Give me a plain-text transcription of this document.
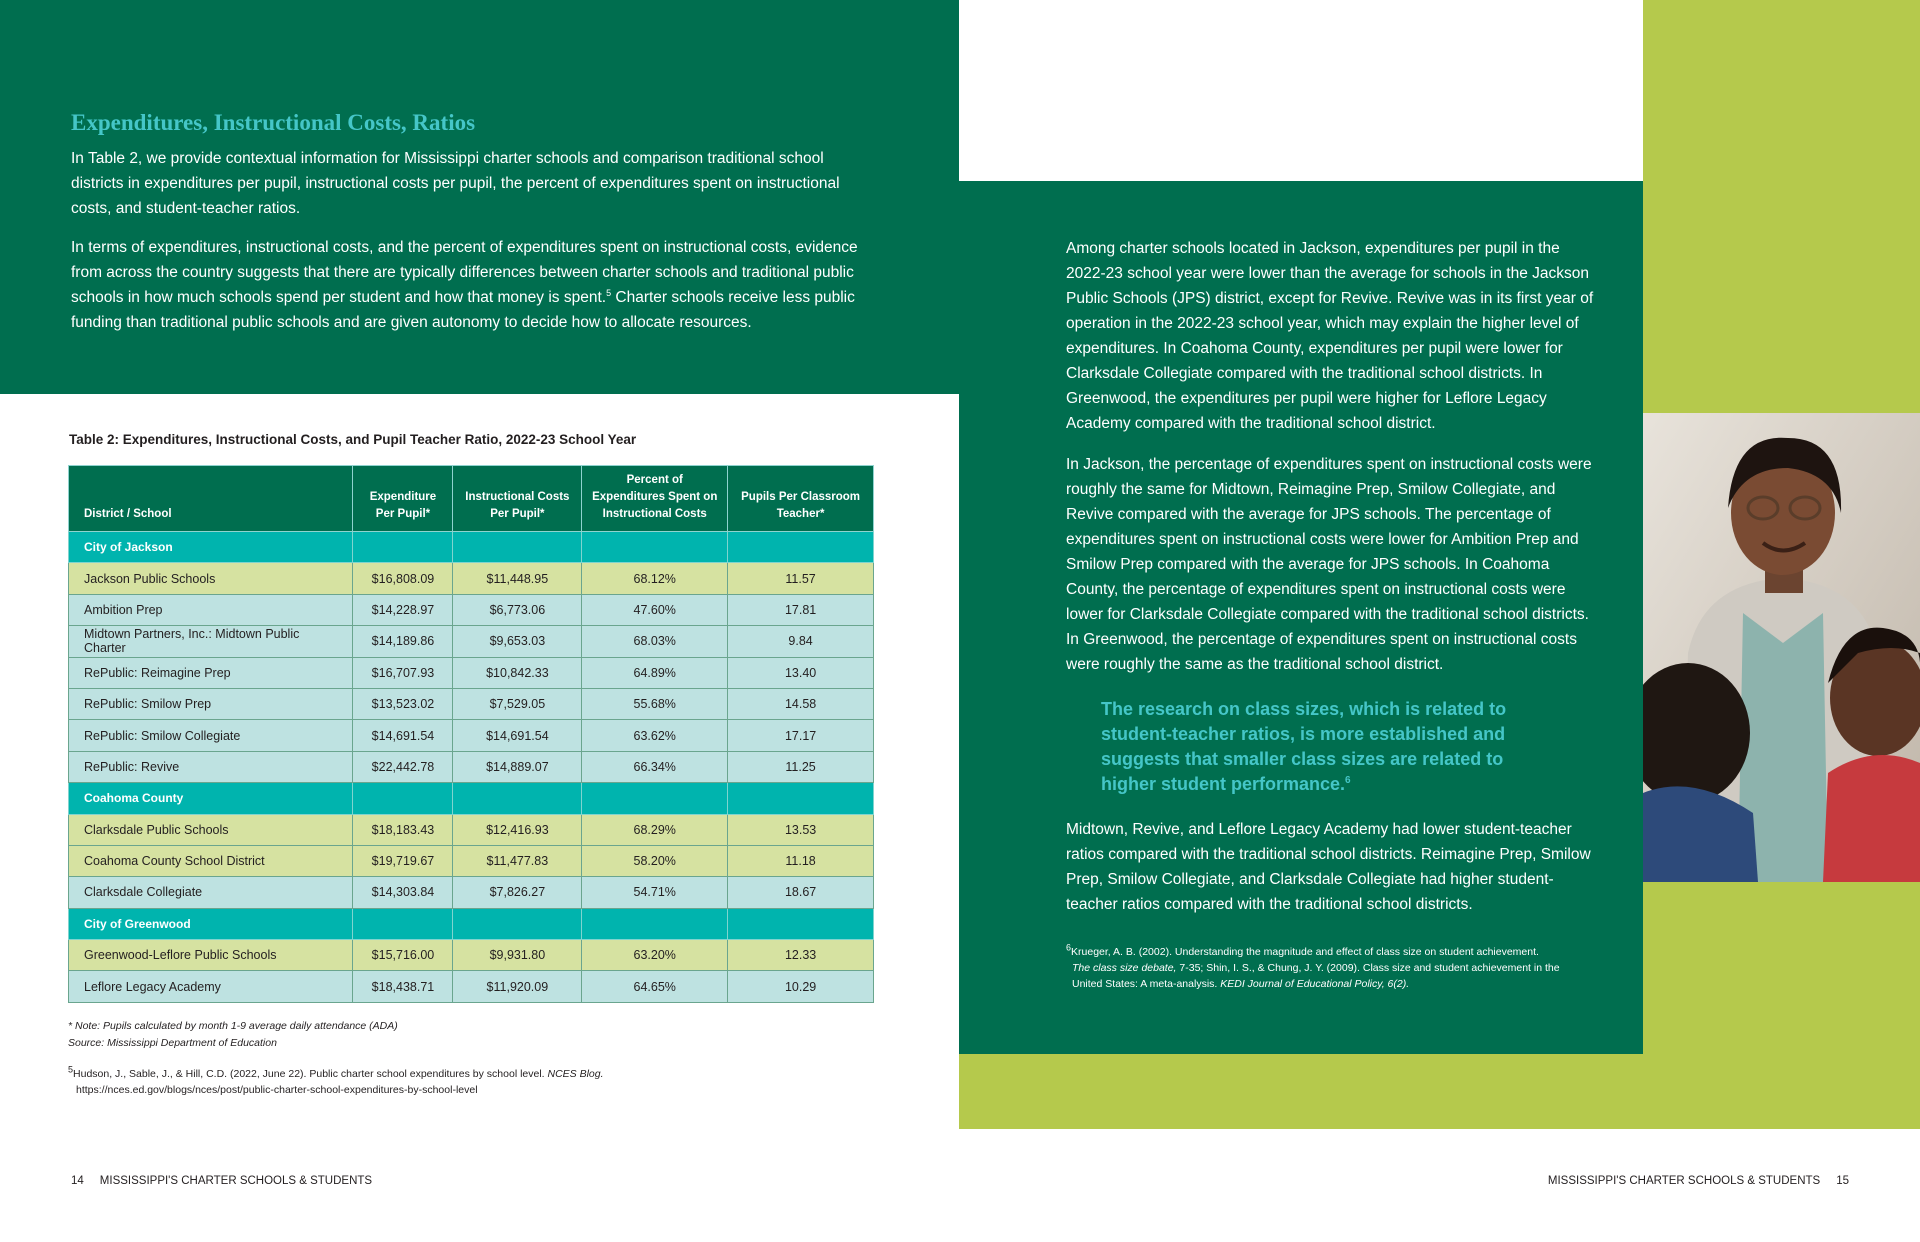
Expenditures, Instructional Costs, Ratios

In Table 2, we provide contextual information for Mississippi charter schools and comparison traditional school districts in expenditures per pupil, instructional costs per pupil, the percent of expenditures spent on instructional costs, and student-teacher ratios.

In terms of expenditures, instructional costs, and the percent of expenditures spent on instructional costs, evidence from across the country suggests that there are typically differences between charter schools and traditional public schools in how much schools spend per student and how that money is spent.$^5$ Charter schools receive less public funding than traditional public schools and are given autonomy to decide how to allocate resources.

Table 2: Expenditures, Instructional Costs, and Pupil Teacher Ratio, 2022-23 School Year
District / School	Expenditure Per Pupil*	Instructional Costs Per Pupil*	Percent of Expenditures Spent on Instructional Costs	Pupils Per Classroom Teacher*
City of Jackson				
Jackson Public Schools	$16,808.09	$11,448.95	68.12%	11.57
Ambition Prep	$14,228.97	$6,773.06	47.60%	17.81
Midtown Partners, Inc.: Midtown Public Charter	$14,189.86	$9,653.03	68.03%	9.84
RePublic: Reimagine Prep	$16,707.93	$10,842.33	64.89%	13.40
RePublic: Smilow Prep	$13,523.02	$7,529.05	55.68%	14.58
RePublic: Smilow Collegiate	$14,691.54	$14,691.54	63.62%	17.17
RePublic: Revive	$22,442.78	$14,889.07	66.34%	11.25
Coahoma County				
Clarksdale Public Schools	$18,183.43	$12,416.93	68.29%	13.53
Coahoma County School District	$19,719.67	$11,477.83	58.20%	11.18
Clarksdale Collegiate	$14,303.84	$7,826.27	54.71%	18.67
City of Greenwood				
Greenwood-Leflore Public Schools	$15,716.00	$9,931.80	63.20%	12.33
Leflore Legacy Academy	$18,438.71	$11,920.09	64.65%	10.29
* Note: Pupils calculated by month 1-9 average daily attendance (ADA)
Source: Mississippi Department of Education
$^5$Hudson, J., Sable, J., & Hill, C.D. (2022, June 22). Public charter school expenditures by school level. NCES Blog.
https://nces.ed.gov/blogs/nces/post/public-charter-school-expenditures-by-school-level

Among charter schools located in Jackson, expenditures per pupil in the 2022-23 school year were lower than the average for schools in the Jackson Public Schools (JPS) district, except for Revive. Revive was in its first year of operation in the 2022-23 school year, which may explain the higher level of expenditures. In Coahoma County, expenditures per pupil were lower for Clarksdale Collegiate compared with the traditional school districts. In Greenwood, the expenditures per pupil were higher for Leflore Legacy Academy compared with the traditional school district.

In Jackson, the percentage of expenditures spent on instructional costs were roughly the same for Midtown, Reimagine Prep, Smilow Collegiate, and Revive compared with the average for JPS schools. The percentage of expenditures spent on instructional costs were lower for Ambition Prep and Smilow Prep compared with the average for JPS schools. In Coahoma County, the percentage of expenditures spent on instructional costs were lower for Clarksdale Collegiate compared with the traditional school districts. In Greenwood, the percentage of expenditures spent on instructional costs were roughly the same as the traditional school district.

The research on class sizes, which is related to student-teacher ratios, is more established and suggests that smaller class sizes are related to higher student performance.$^6$

Midtown, Revive, and Leflore Legacy Academy had lower student-teacher ratios compared with the traditional school districts. Reimagine Prep, Smilow Prep, Smilow Collegiate, and Clarksdale Collegiate had higher student-teacher ratios compared with the traditional school districts.

$^6$Krueger, A. B. (2002). Understanding the magnitude and effect of class size on student achievement.
The class size debate, 7-35; Shin, I. S., & Chung, J. Y. (2009). Class size and student achievement in the
United States: A meta-analysis. KEDI Journal of Educational Policy, 6(2).
14 MISSISSIPPI'S CHARTER SCHOOLS & STUDENTS	MISSISSIPPI'S CHARTER SCHOOLS & STUDENTS 15
